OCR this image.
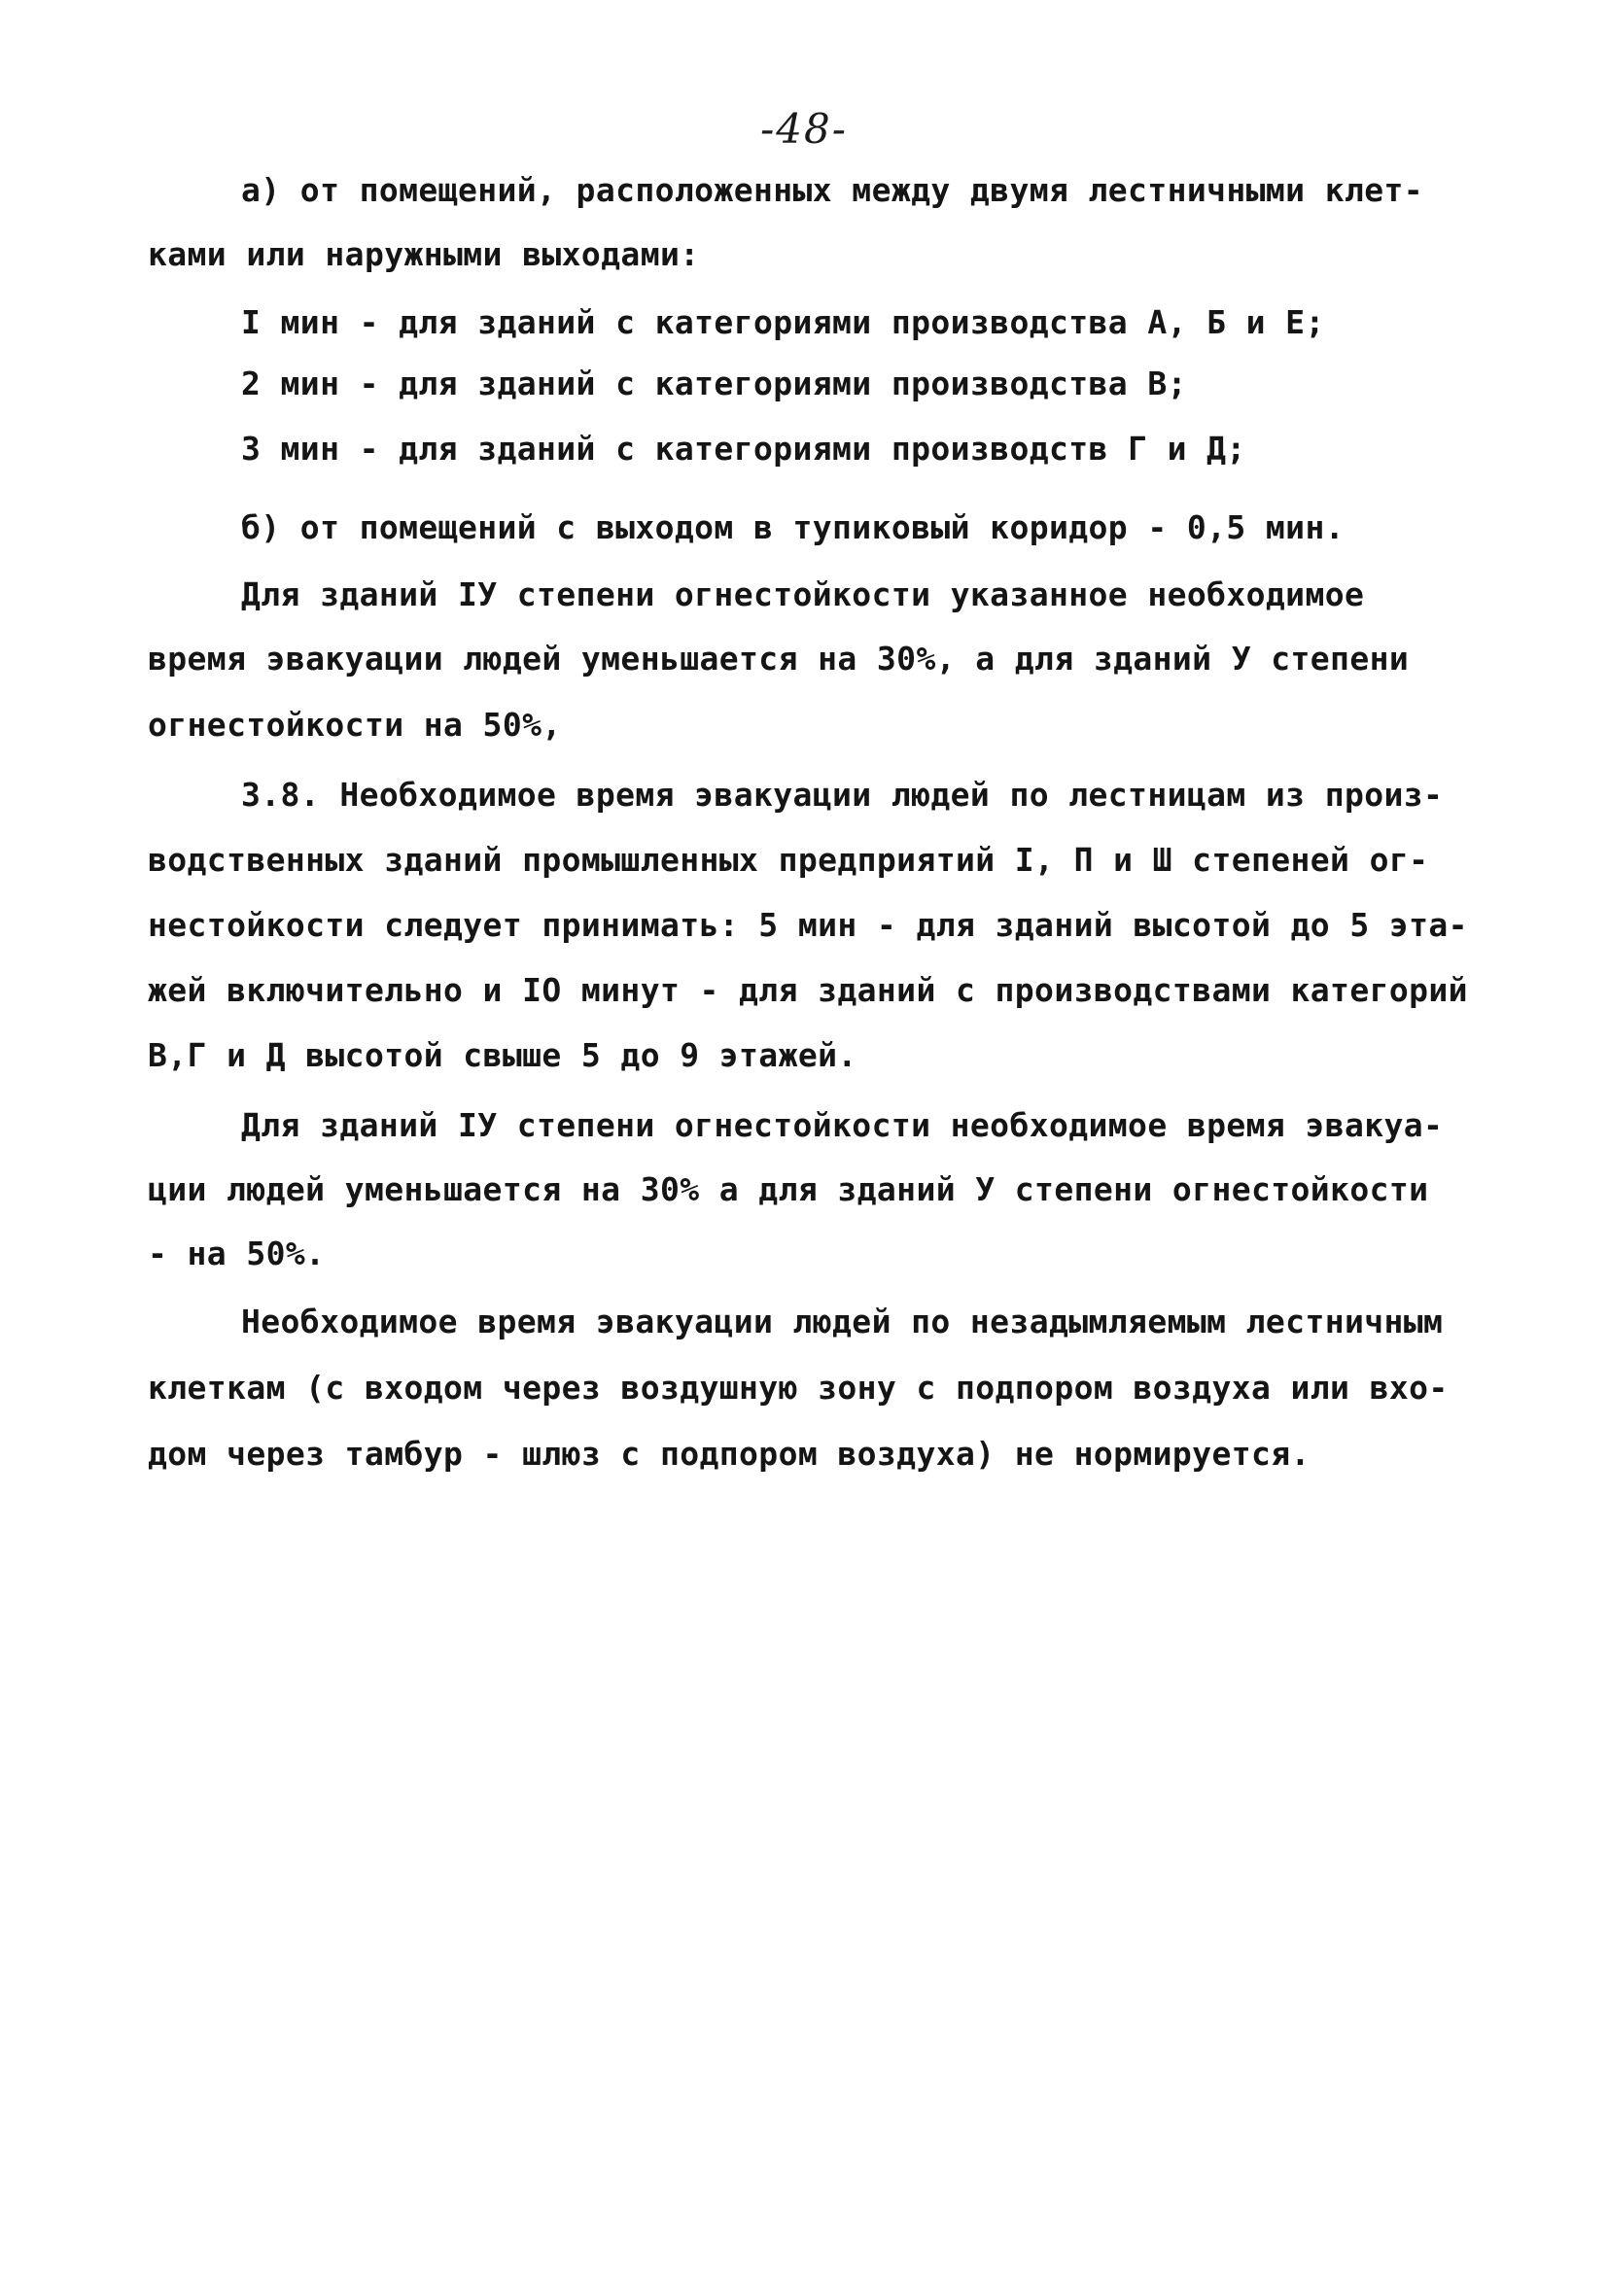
-48-
а) от помещений, расположенных между двумя лестничными клет-
ками или наружными выходами:
I мин - для зданий с категориями производства А, Б и Е;
2 мин - для зданий с категориями производства В;
3 мин - для зданий с категориями производств Г и Д;
б) от помещений с выходом в тупиковый коридор - 0,5 мин.
Для зданий IУ степени огнестойкости указанное необходимое
время эвакуации людей уменьшается на 30%, а для зданий У степени
огнестойкости на 50%,
3.8. Необходимое время эвакуации людей по лестницам из произ-
водственных зданий промышленных предприятий I, П и Ш степеней ог-
нестойкости следует принимать: 5 мин - для зданий высотой до 5 эта-
жей включительно и IO минут - для зданий с производствами категорий
В,Г и Д высотой свыше 5 до 9 этажей.
Для зданий IУ степени огнестойкости необходимое время эвакуа-
ции людей уменьшается на 30% а для зданий У степени огнестойкости
- на 50%.
Необходимое время эвакуации людей по незадымляемым лестничным
клеткам (с входом через воздушную зону с подпором воздуха или вхо-
дом через тамбур - шлюз с подпором воздуха) не нормируется.
